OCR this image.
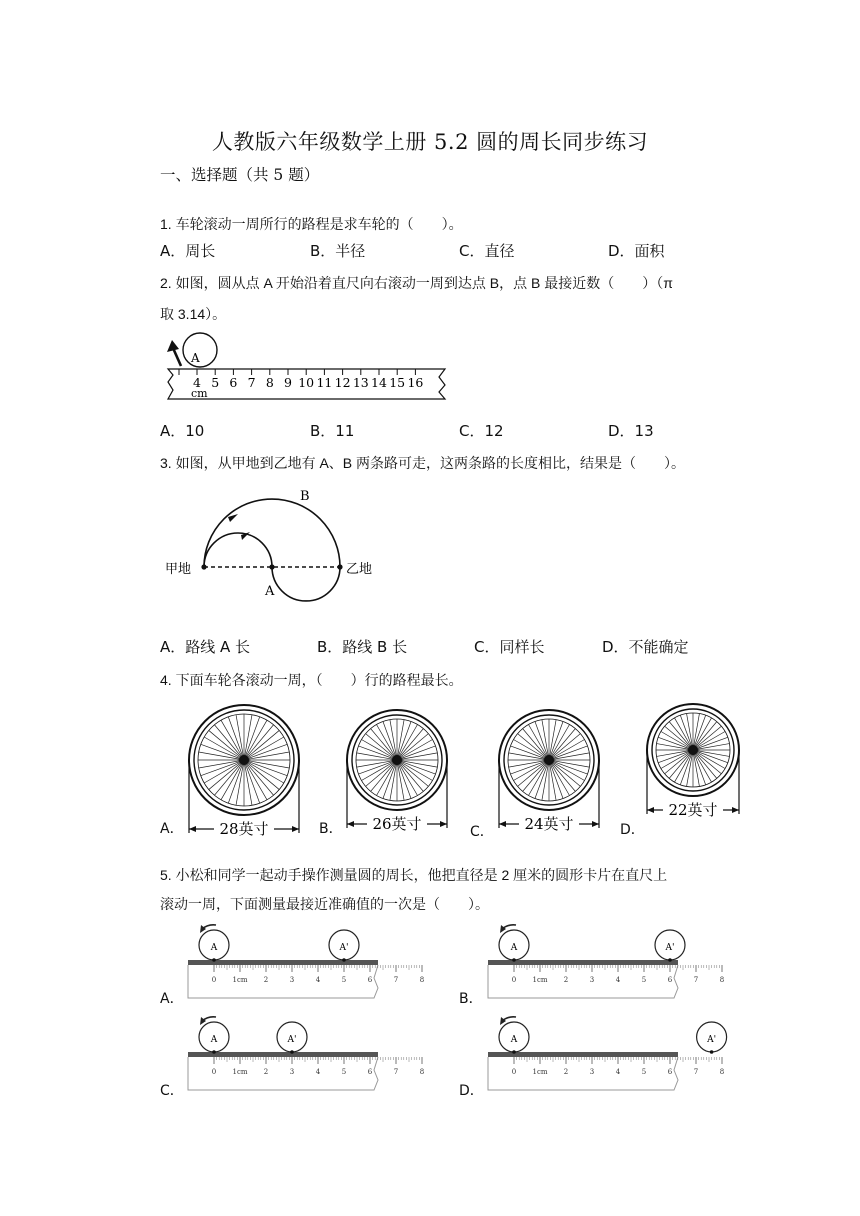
人教版六年级数学上册 5.2 圆的周长同步练习
一、选择题（共 5 题）
1. 车轮滚动一周所行的路程是求车轮的（　　）。
A．周长	B．半径	C．直径	D．面积
2. 如图，圆从点 A 开始沿着直尺向右滚动一周到达点 B，点 B 最接近数（　　）（π
取 3.14）。
A
4 5 6 7 8 9 10 11 12 13 14 15 16
cm
A．10	B．11	C．12	D．13
3. 如图，从甲地到乙地有 A、B 两条路可走，这两条路的长度相比，结果是（　　）。
甲地	乙地
A
B
A．路线 A 长	B．路线 B 长	C．同样长	D．不能确定
4. 下面车轮各滚动一周，（　　）行的路程最长。
A．	B．	C．	D．
28英寸	26英寸	24英寸
22英寸
5. 小松和同学一起动手操作测量圆的周长，他把直径是 2 厘米的圆形卡片在直尺上
滚动一周，下面测量最接近准确值的一次是（　　）。
A．	B．
C．	D．
0 1cm 2	3	4	5	6	7	8
A	A'
0 1cm 2	3	4	5	6	7	8
A	A'
0 1cm 2	3	4	5	6	7	8
A	A'
0 1cm 2	3	4	5	6	7	8
A	A'
